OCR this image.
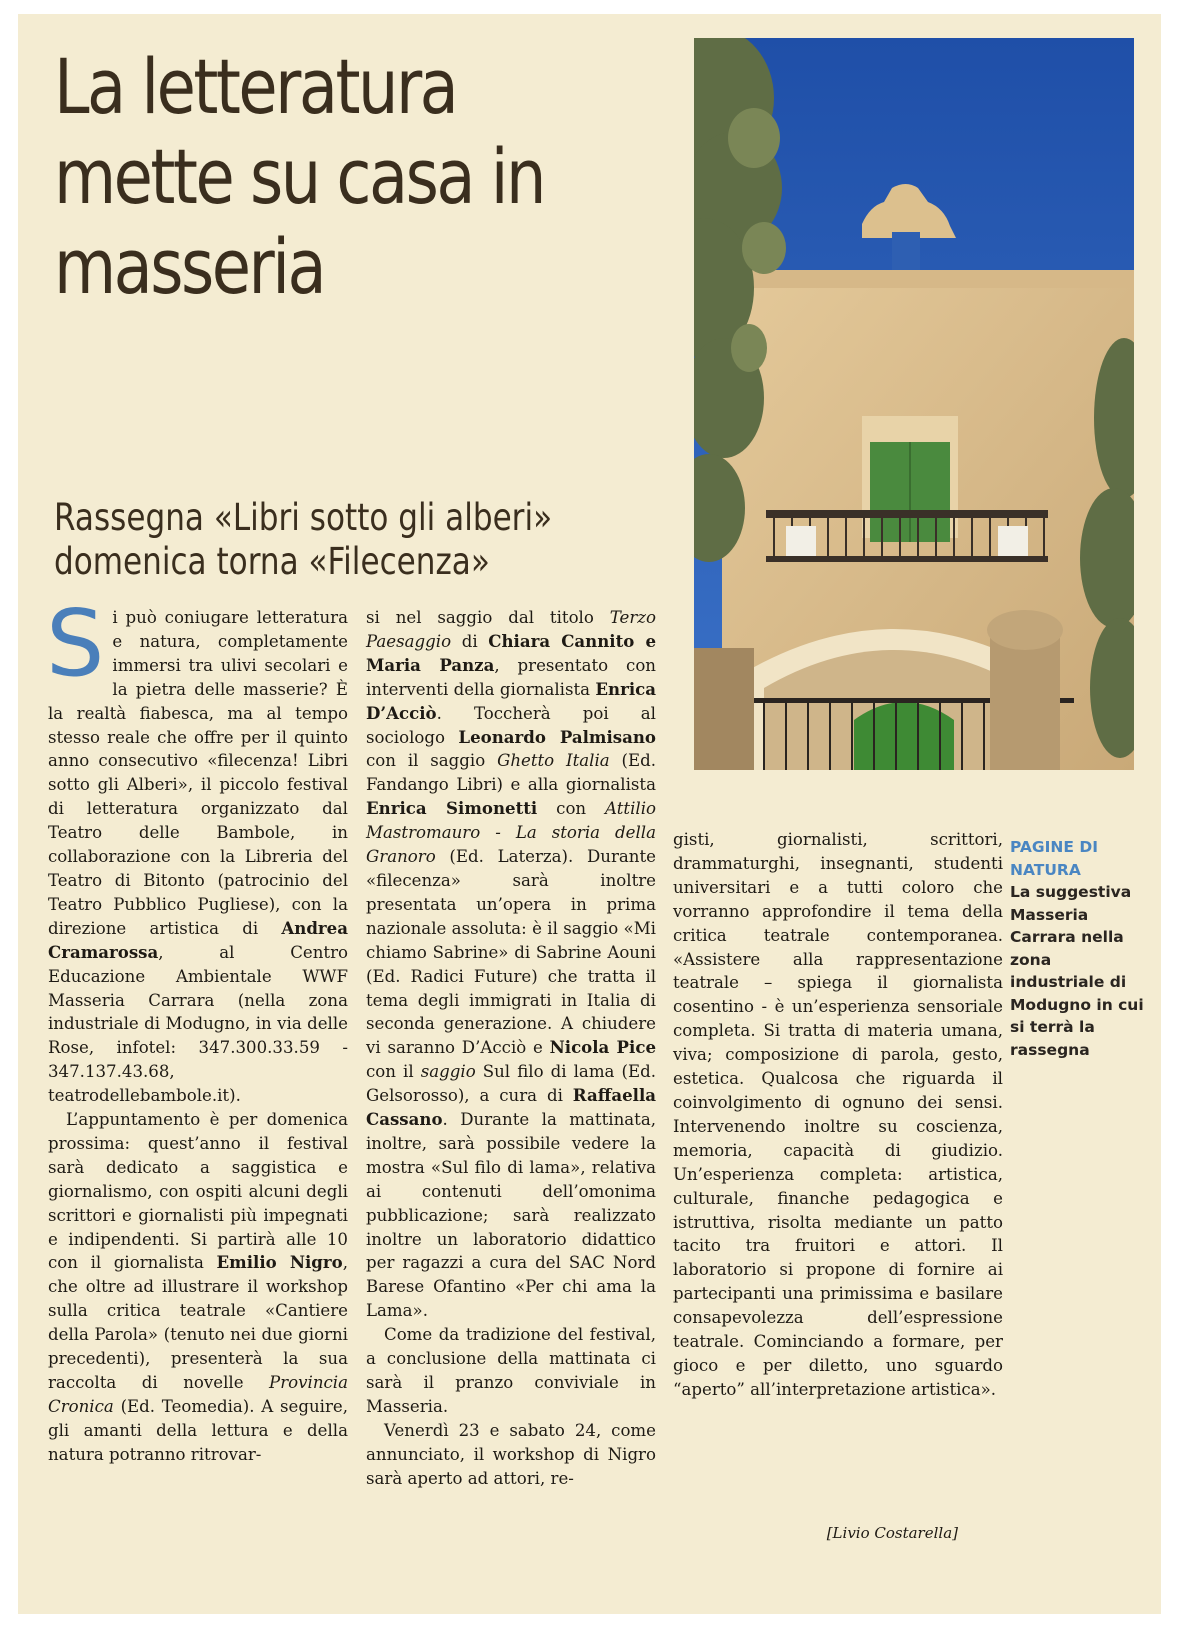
La letteratura mette su casa in masseria
Rassegna «Libri sotto gli alberi»
domenica torna «Filecenza»

Si può coniugare letteratura e natura, completamente immersi tra ulivi secolari e la pietra delle masserie? È la realtà fiabesca, ma al tempo stesso reale che offre per il quinto anno consecutivo «filecenza! Libri sotto gli Alberi», il piccolo festival di letteratura organizzato dal Teatro delle Bambole, in collaborazione con la Libreria del Teatro di Bitonto (patrocinio del Teatro Pubblico Pugliese), con la direzione artistica di Andrea Cramarossa, al Centro Educazione Ambientale WWF Masseria Carrara (nella zona industriale di Modugno, in via delle Rose, infotel: 347.300.33.59 - 347.137.43.68, teatrodellebambole.it).

L’appuntamento è per domenica prossima: quest’anno il festival sarà dedicato a saggistica e giornalismo, con ospiti alcuni degli scrittori e giornalisti più impegnati e indipendenti. Si partirà alle 10 con il giornalista Emilio Nigro, che oltre ad illustrare il workshop sulla critica teatrale «Cantiere della Parola» (tenuto nei due giorni precedenti), presenterà la sua raccolta di novelle Provincia Cronica (Ed. Teomedia). A seguire, gli amanti della lettura e della natura potranno ritrovar-

si nel saggio dal titolo Terzo Paesaggio di Chiara Cannito e Maria Panza, presentato con interventi della giornalista Enrica D’Acciò. Toccherà poi al sociologo Leonardo Palmisano con il saggio Ghetto Italia (Ed. Fandango Libri) e alla giornalista Enrica Simonetti con Attilio Mastromauro - La storia della Granoro (Ed. Laterza). Durante «filecenza» sarà inoltre presentata un’opera in prima nazionale assoluta: è il saggio «Mi chiamo Sabrine» di Sabrine Aouni (Ed. Radici Future) che tratta il tema degli immigrati in Italia di seconda generazione. A chiudere vi saranno D’Acciò e Nicola Pice con il saggio Sul filo di lama (Ed. Gelsorosso), a cura di Raffaella Cassano. Durante la mattinata, inoltre, sarà possibile vedere la mostra «Sul filo di lama», relativa ai contenuti dell’omonima pubblicazione; sarà realizzato inoltre un laboratorio didattico per ragazzi a cura del SAC Nord Barese Ofantino «Per chi ama la Lama».

Come da tradizione del festival, a conclusione della mattinata ci sarà il pranzo conviviale in Masseria.

Venerdì 23 e sabato 24, come annunciato, il workshop di Nigro sarà aperto ad attori, re-

gisti, giornalisti, scrittori, drammaturghi, insegnanti, studenti universitari e a tutti coloro che vorranno approfondire il tema della critica teatrale contemporanea. «Assistere alla rappresentazione teatrale – spiega il giornalista cosentino - è un’esperienza sensoriale completa. Si tratta di materia umana, viva; composizione di parola, gesto, estetica. Qualcosa che riguarda il coinvolgimento di ognuno dei sensi. Intervenendo inoltre su coscienza, memoria, capacità di giudizio. Un’esperienza completa: artistica, culturale, finanche pedagogica e istruttiva, risolta mediante un patto tacito tra fruitori e attori. Il laboratorio si propone di fornire ai partecipanti una primissima e basilare consapevolezza dell’espressione teatrale. Cominciando a formare, per gioco e per diletto, uno sguardo “aperto” all’interpretazione artistica».

PAGINE DI NATURA
La suggestiva Masseria Carrara nella zona industriale di Modugno in cui si terrà la rassegna
[Livio Costarella]
